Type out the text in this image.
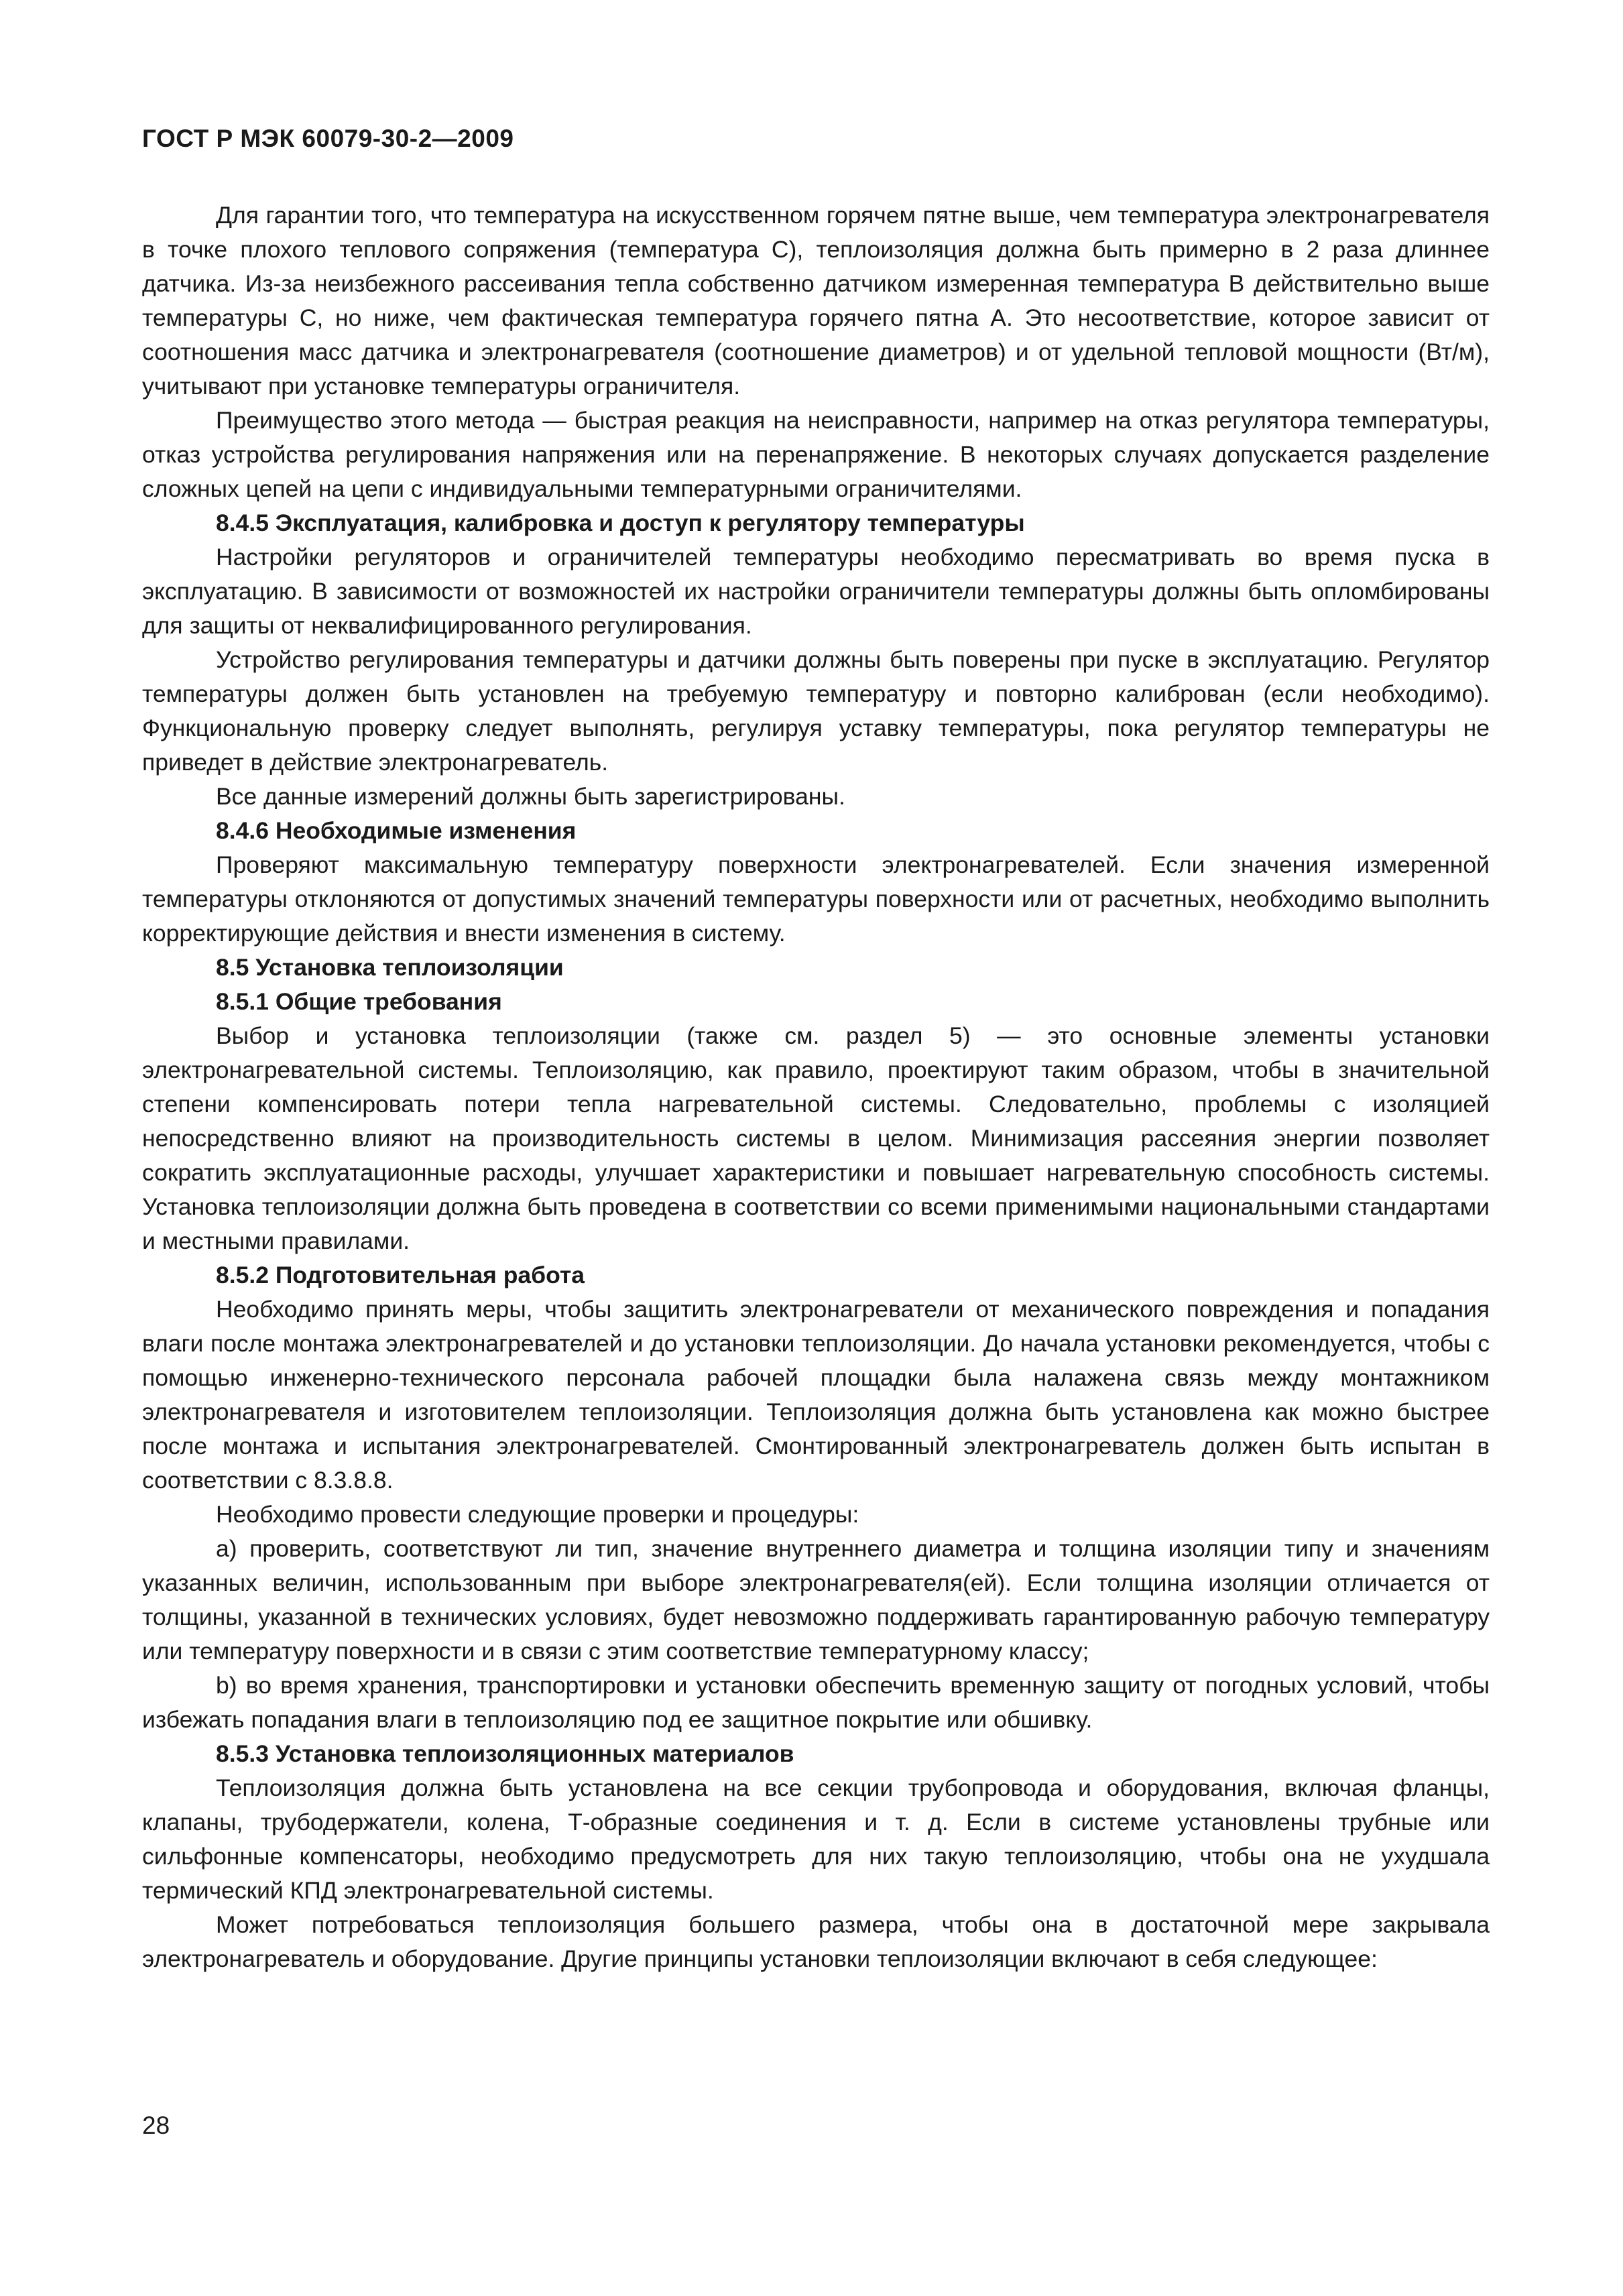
ГОСТ Р МЭК 60079-30-2—2009

Для гарантии того, что температура на искусственном горячем пятне выше, чем температура электронагревателя в точке плохого теплового сопряжения (температура С), теплоизоляция должна быть примерно в 2 раза длиннее датчика. Из-за неизбежного рассеивания тепла собственно датчиком измеренная температура В действительно выше температуры С, но ниже, чем фактическая температура горячего пятна А. Это несоответствие, которое зависит от соотношения масс датчика и электронагревателя (соотношение диаметров) и от удельной тепловой мощности (Вт/м), учитывают при установке температуры ограничителя.

Преимущество этого метода — быстрая реакция на неисправности, например на отказ регулятора температуры, отказ устройства регулирования напряжения или на перенапряжение. В некоторых случаях допускается разделение сложных цепей на цепи с индивидуальными температурными ограничителями.

8.4.5 Эксплуатация, калибровка и доступ к регулятору температуры

Настройки регуляторов и ограничителей температуры необходимо пересматривать во время пуска в эксплуатацию. В зависимости от возможностей их настройки ограничители температуры должны быть опломбированы для защиты от неквалифицированного регулирования.

Устройство регулирования температуры и датчики должны быть поверены при пуске в эксплуатацию. Регулятор температуры должен быть установлен на требуемую температуру и повторно калиброван (если необходимо). Функциональную проверку следует выполнять, регулируя уставку температуры, пока регулятор температуры не приведет в действие электронагреватель.

Все данные измерений должны быть зарегистрированы.

8.4.6 Необходимые изменения

Проверяют максимальную температуру поверхности электронагревателей. Если значения измеренной температуры отклоняются от допустимых значений температуры поверхности или от расчетных, необходимо выполнить корректирующие действия и внести изменения в систему.

8.5 Установка теплоизоляции
8.5.1 Общие требования

Выбор и установка теплоизоляции (также см. раздел 5) — это основные элементы установки электронагревательной системы. Теплоизоляцию, как правило, проектируют таким образом, чтобы в значительной степени компенсировать потери тепла нагревательной системы. Следовательно, проблемы с изоляцией непосредственно влияют на производительность системы в целом. Минимизация рассеяния энергии позволяет сократить эксплуатационные расходы, улучшает характеристики и повышает нагревательную способность системы. Установка теплоизоляции должна быть проведена в соответствии со всеми применимыми национальными стандартами и местными правилами.

8.5.2 Подготовительная работа

Необходимо принять меры, чтобы защитить электронагреватели от механического повреждения и попадания влаги после монтажа электронагревателей и до установки теплоизоляции. До начала установки рекомендуется, чтобы с помощью инженерно-технического персонала рабочей площадки была налажена связь между монтажником электронагревателя и изготовителем теплоизоляции. Теплоизоляция должна быть установлена как можно быстрее после монтажа и испытания электронагревателей. Смонтированный электронагреватель должен быть испытан в соответствии с 8.3.8.8.

Необходимо провести следующие проверки и процедуры:

a) проверить, соответствуют ли тип, значение внутреннего диаметра и толщина изоляции типу и значениям указанных величин, использованным при выборе электронагревателя(ей). Если толщина изоляции отличается от толщины, указанной в технических условиях, будет невозможно поддерживать гарантированную рабочую температуру или температуру поверхности и в связи с этим соответствие температурному классу;

b) во время хранения, транспортировки и установки обеспечить временную защиту от погодных условий, чтобы избежать попадания влаги в теплоизоляцию под ее защитное покрытие или обшивку.

8.5.3 Установка теплоизоляционных материалов

Теплоизоляция должна быть установлена на все секции трубопровода и оборудования, включая фланцы, клапаны, трубодержатели, колена, Т-образные соединения и т. д. Если в системе установлены трубные или сильфонные компенсаторы, необходимо предусмотреть для них такую теплоизоляцию, чтобы она не ухудшала термический КПД электронагревательной системы.

Может потребоваться теплоизоляция большего размера, чтобы она в достаточной мере закрывала электронагреватель и оборудование. Другие принципы установки теплоизоляции включают в себя следующее:

28
